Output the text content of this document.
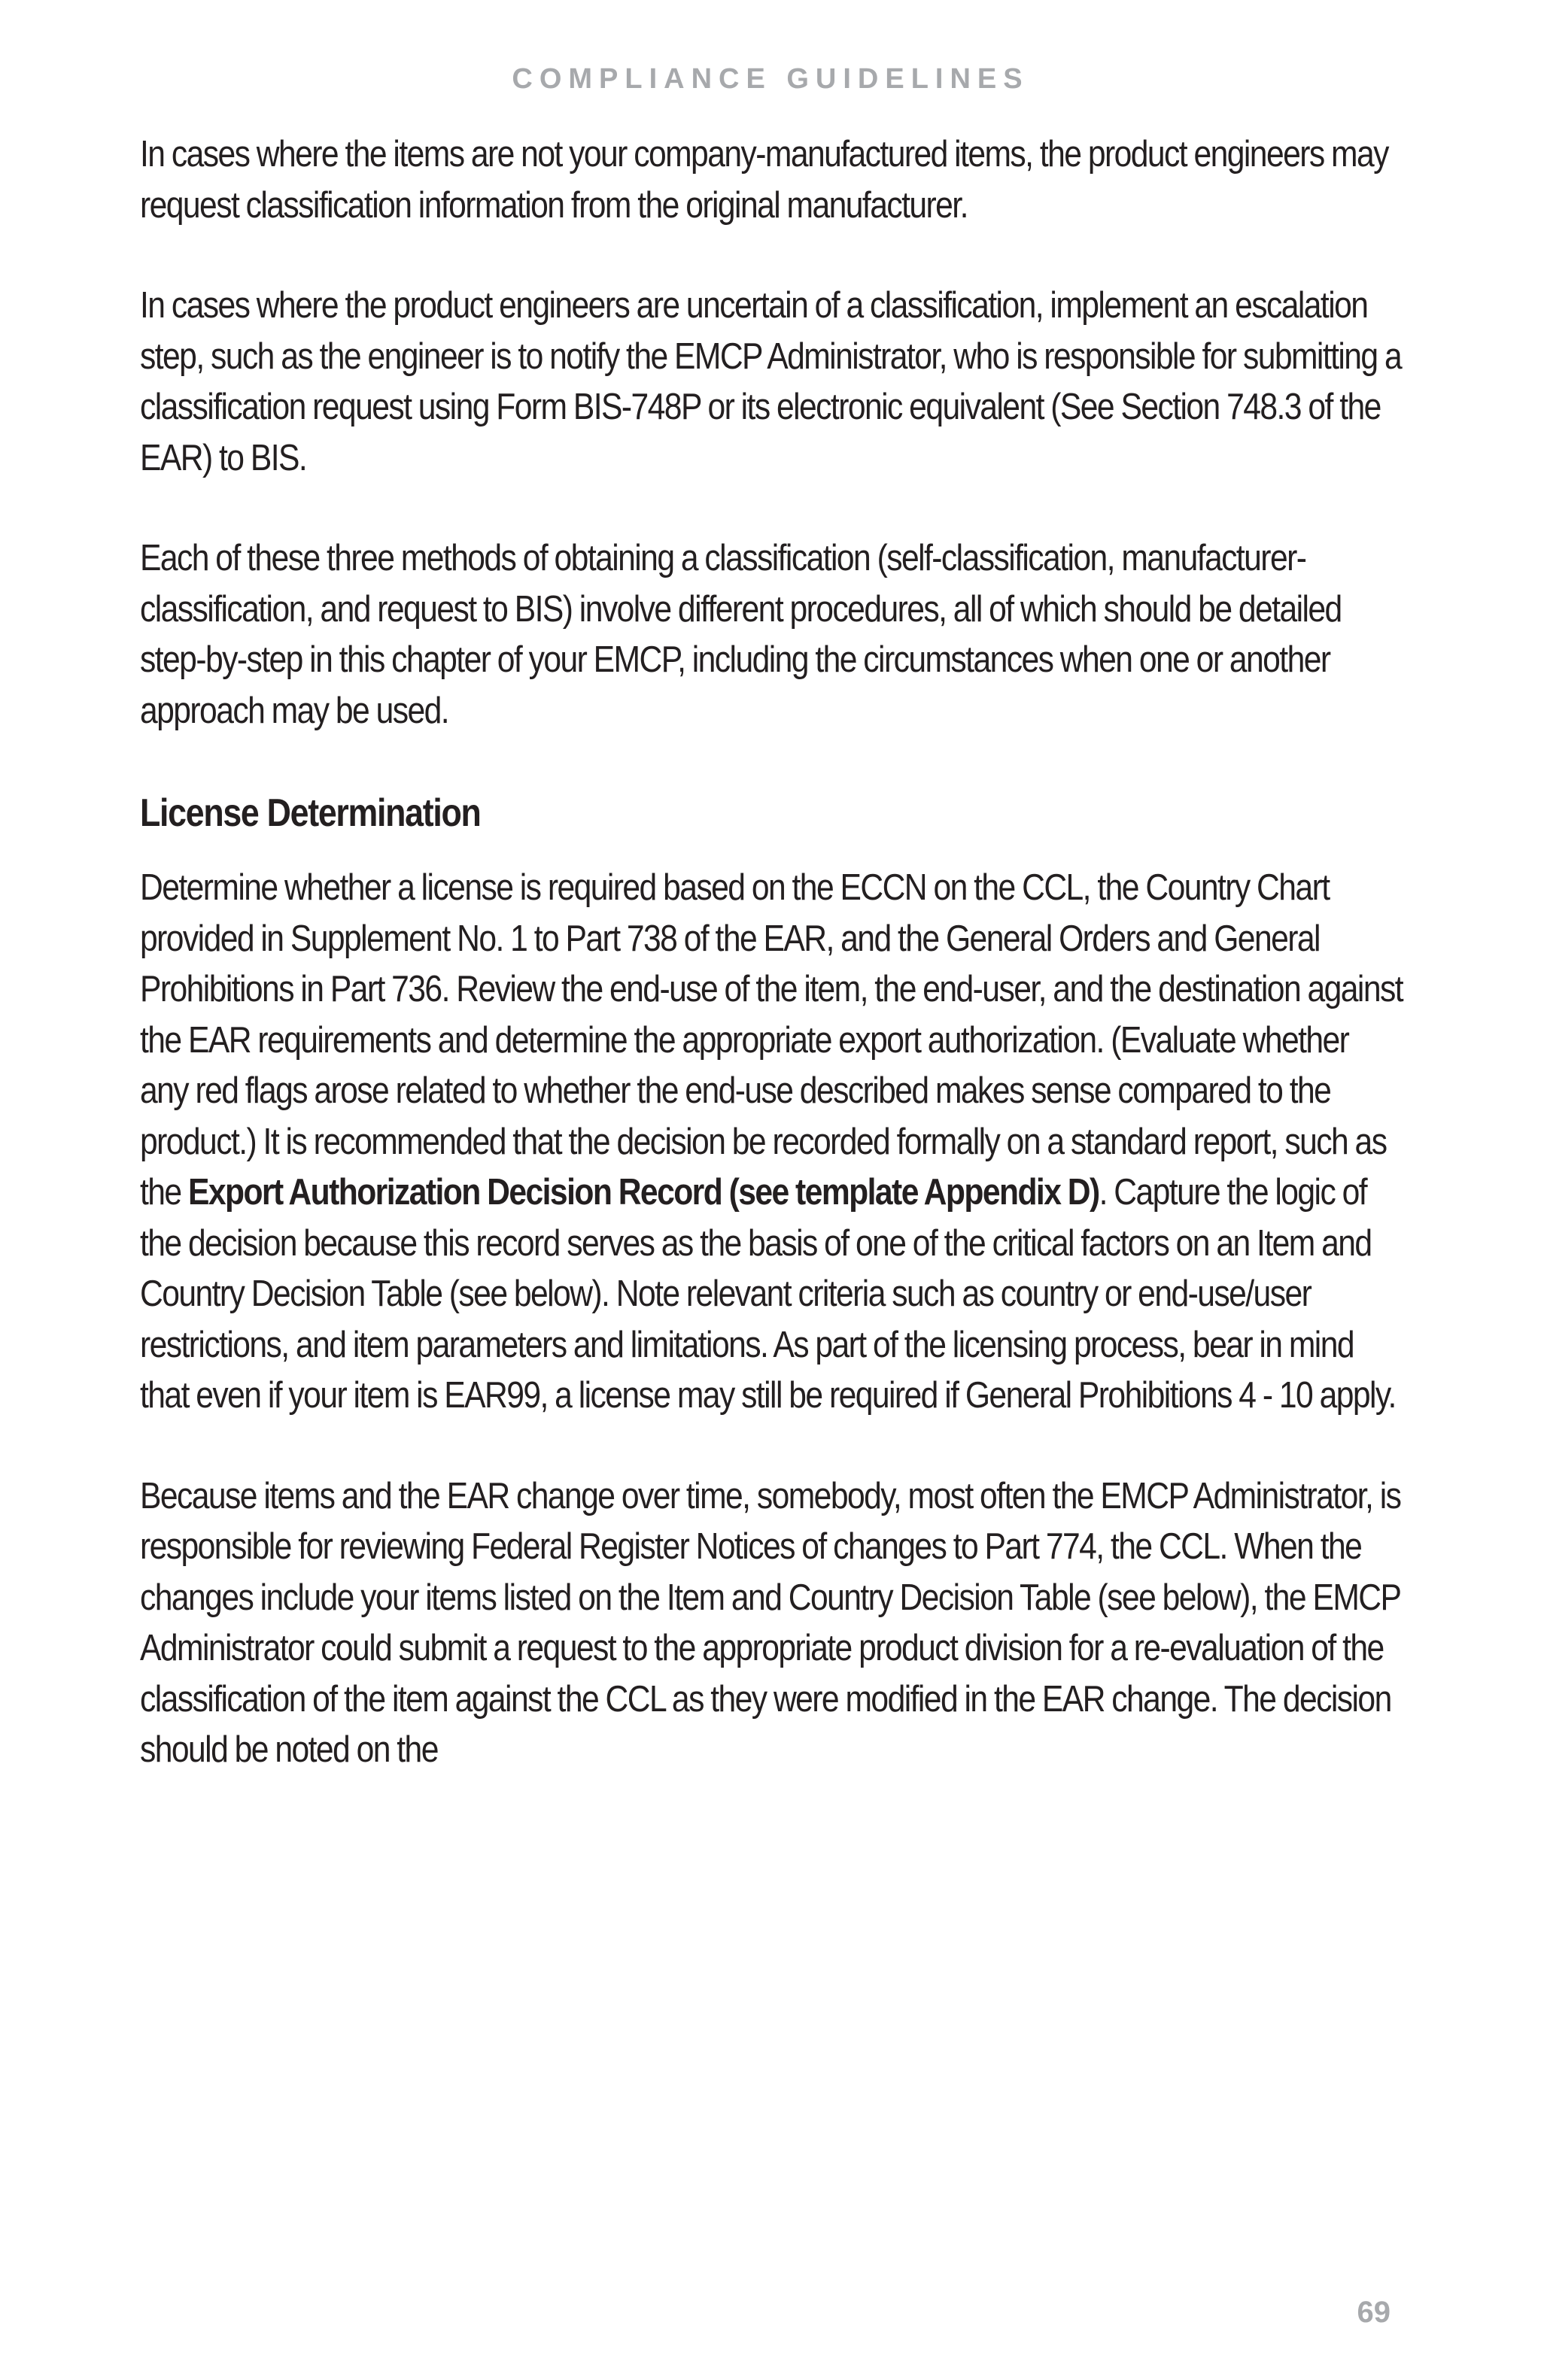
COMPLIANCE GUIDELINES

In cases where the items are not your company-manufactured items, the product engineers may request classification information from the original manufacturer.

In cases where the product engineers are uncertain of a classification, implement an escalation step, such as the engineer is to notify the EMCP Administrator, who is responsible for submitting a classification request using Form BIS-748P or its electronic equivalent (See Section 748.3 of the EAR) to BIS.

Each of these three methods of obtaining a classification (self-classification, manufacturer-classification, and request to BIS) involve different procedures, all of which should be detailed step-by-step in this chapter of your EMCP, including the circumstances when one or another approach may be used.

License Determination

Determine whether a license is required based on the ECCN on the CCL, the Country Chart provided in Supplement No. 1 to Part 738 of the EAR, and the General Orders and General Prohibitions in Part 736. Review the end-use of the item, the end-user, and the destination against the EAR requirements and determine the appropriate export authorization. (Evaluate whether any red flags arose related to whether the end-use described makes sense compared to the product.) It is recommended that the decision be recorded formally on a standard report, such as the Export Authorization Decision Record (see template Appendix D). Capture the logic of the decision because this record serves as the basis of one of the critical factors on an Item and Country Decision Table (see below). Note relevant criteria such as country or end-use/user restrictions, and item parameters and limitations. As part of the licensing process, bear in mind that even if your item is EAR99, a license may still be required if General Prohibitions 4 - 10 apply.

Because items and the EAR change over time, somebody, most often the EMCP Administrator, is responsible for reviewing Federal Register Notices of changes to Part 774, the CCL. When the changes include your items listed on the Item and Country Decision Table (see below), the EMCP Administrator could submit a request to the appropriate product division for a re-evaluation of the classification of the item against the CCL as they were modified in the EAR change. The decision should be noted on the

69
